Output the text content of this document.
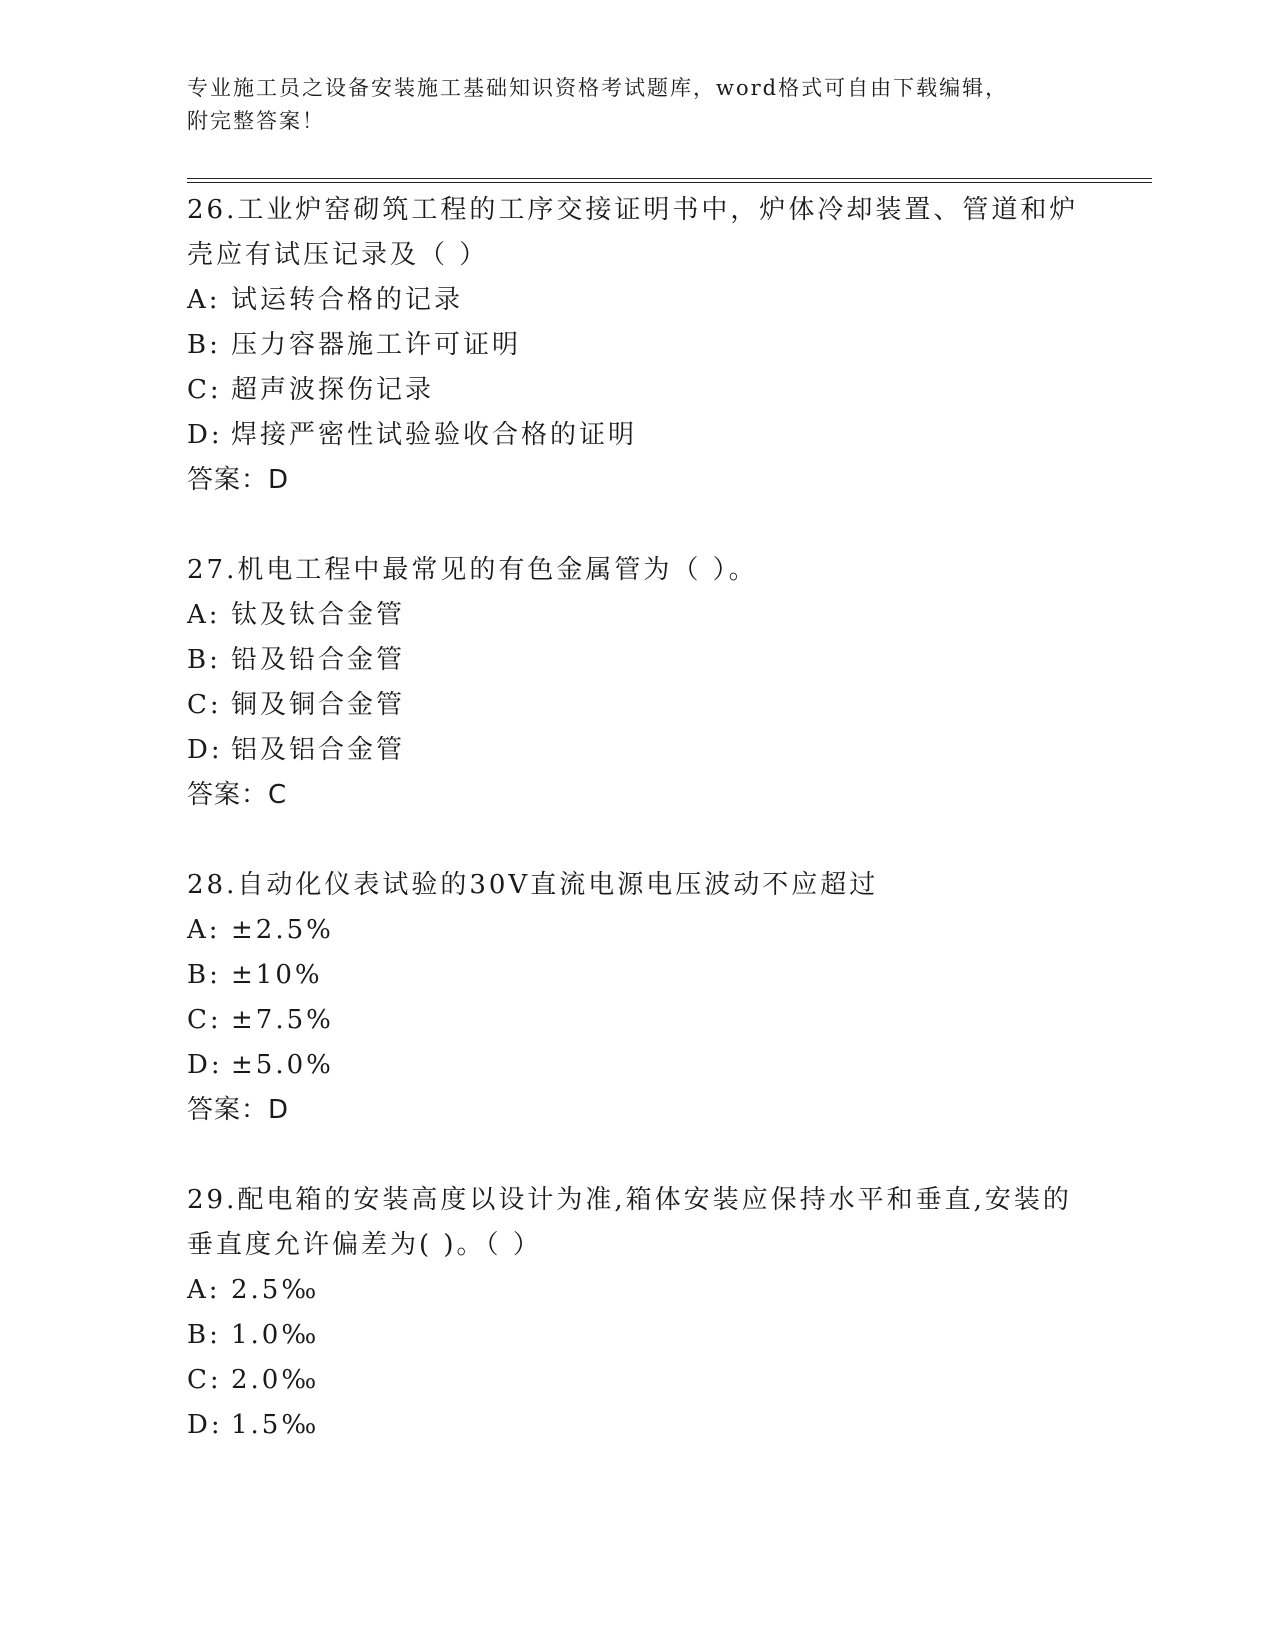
专业施工员之设备安装施工基础知识资格考试题库，word格式可自由下载编辑，
附完整答案！
26.工业炉窑砌筑工程的工序交接证明书中，炉体冷却装置、管道和炉
壳应有试压记录及（ ）
A: 试运转合格的记录
B: 压力容器施工许可证明
C: 超声波探伤记录
D: 焊接严密性试验验收合格的证明
答案：D
27.机电工程中最常见的有色金属管为（ ）。
A: 钛及钛合金管
B: 铅及铅合金管
C: 铜及铜合金管
D: 铝及铝合金管
答案：C
28.自动化仪表试验的30V直流电源电压波动不应超过
A: ±2.5%
B: ±10%
C: ±7.5%
D: ±5.0%
答案：D
29.配电箱的安装高度以设计为准,箱体安装应保持水平和垂直,安装的
垂直度允许偏差为( )。（ ）
A: 2.5‰
B: 1.0‰
C: 2.0‰
D: 1.5‰
